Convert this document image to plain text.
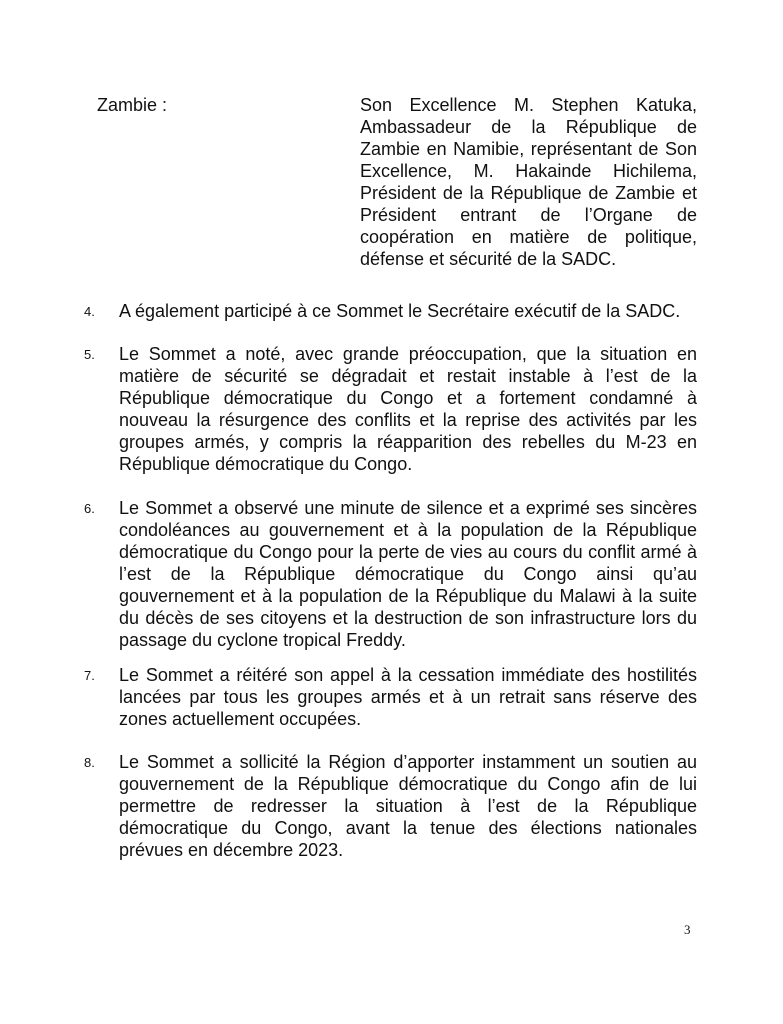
Zambie :	Son Excellence M. Stephen Katuka, Ambassadeur de la République de Zambie en Namibie, représentant de Son Excellence, M. Hakainde Hichilema, Président de la République de Zambie et Président entrant de l’Organe de coopération en matière de politique, défense et sécurité de la SADC.
4. A également participé à ce Sommet le Secrétaire exécutif de la SADC.
5. Le Sommet a noté, avec grande préoccupation, que la situation en matière de sécurité se dégradait et restait instable à l’est de la République démocratique du Congo et a fortement condamné à nouveau la résurgence des conflits et la reprise des activités par les groupes armés, y compris la réapparition des rebelles du M-23 en République démocratique du Congo.
6. Le Sommet a observé une minute de silence et a exprimé ses sincères condoléances au gouvernement et à la population de la République démocratique du Congo pour la perte de vies au cours du conflit armé à l’est de la République démocratique du Congo ainsi qu’au gouvernement et à la population de la République du Malawi à la suite du décès de ses citoyens et la destruction de son infrastructure lors du passage du cyclone tropical Freddy.
7. Le Sommet a réitéré son appel à la cessation immédiate des hostilités lancées par tous les groupes armés et à un retrait sans réserve des zones actuellement occupées.
8. Le Sommet a sollicité la Région d’apporter instamment un soutien au gouvernement de la République démocratique du Congo afin de lui permettre de redresser la situation à l’est de la République démocratique du Congo, avant la tenue des élections nationales prévues en décembre 2023.
3
